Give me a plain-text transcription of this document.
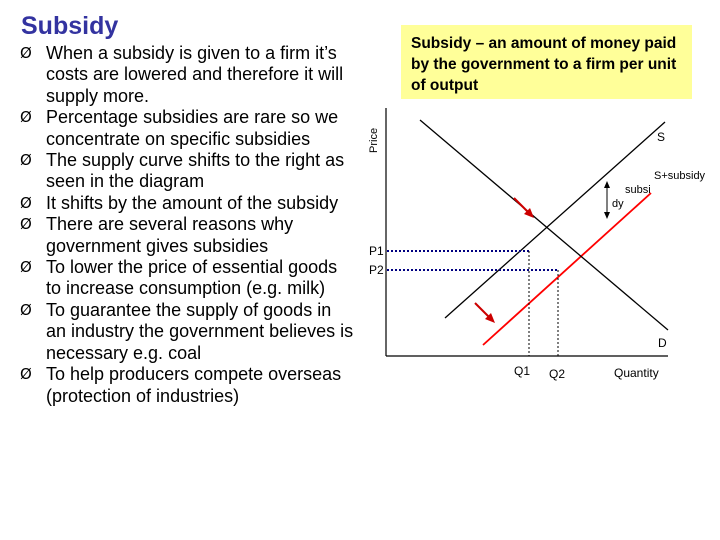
Subsidy
Ø When a subsidy is given to a firm it’s costs are lowered and therefore it will supply more.
Ø Percentage subsidies are rare so we concentrate on specific subsidies
Ø The supply curve shifts to the right as seen in the diagram
Ø It shifts by the amount of the subsidy
Ø There are several reasons why government gives subsidies
Ø To lower the price of essential goods to increase consumption (e.g. milk)
Ø To guarantee the supply of goods in an industry the government believes is necessary e.g. coal
Ø To help producers compete overseas (protection of industries)
Subsidy – an amount of money paid by the government to a firm per unit of output
Price
Quantity
S
S+subsidy
subsi
dy
D
P1
P2
Q1 Q2
